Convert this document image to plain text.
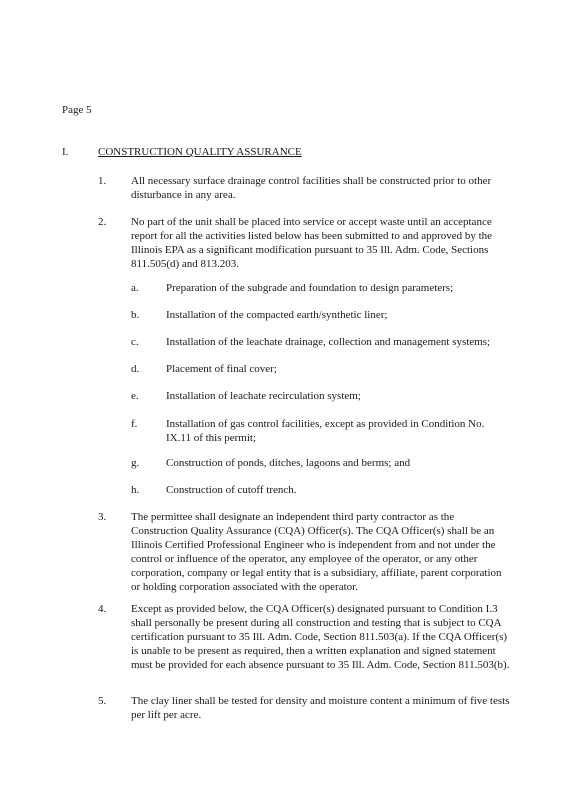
Page 5
I.	CONSTRUCTION QUALITY ASSURANCE
1. All necessary surface drainage control facilities shall be constructed prior to other disturbance in any area.
2. No part of the unit shall be placed into service or accept waste until an acceptance report for all the activities listed below has been submitted to and approved by the Illinois EPA as a significant modification pursuant to 35 Ill. Adm. Code, Sections 811.505(d) and 813.203.
a. Preparation of the subgrade and foundation to design parameters;
b. Installation of the compacted earth/synthetic liner;
c. Installation of the leachate drainage, collection and management systems;
d. Placement of final cover;
e. Installation of leachate recirculation system;
f.	Installation of gas control facilities, except as provided in Condition No. IX.11 of this permit;
g. Construction of ponds, ditches, lagoons and berms; and
h. Construction of cutoff trench.
3. The permittee shall designate an independent third party contractor as the Construction Quality Assurance (CQA) Officer(s). The CQA Officer(s) shall be an Illinois Certified Professional Engineer who is independent from and not under the control or influence of the operator, any employee of the operator, or any other corporation, company or legal entity that is a subsidiary, affiliate, parent corporation or holding corporation associated with the operator.
4. Except as provided below, the CQA Officer(s) designated pursuant to Condition I.3 shall personally be present during all construction and testing that is subject to CQA certification pursuant to 35 Ill. Adm. Code, Section 811.503(a). If the CQA Officer(s) is unable to be present as required, then a written explanation and signed statement must be provided for each absence pursuant to 35 Ill. Adm. Code, Section 811.503(b).
5. The clay liner shall be tested for density and moisture content a minimum of five tests per lift per acre.
